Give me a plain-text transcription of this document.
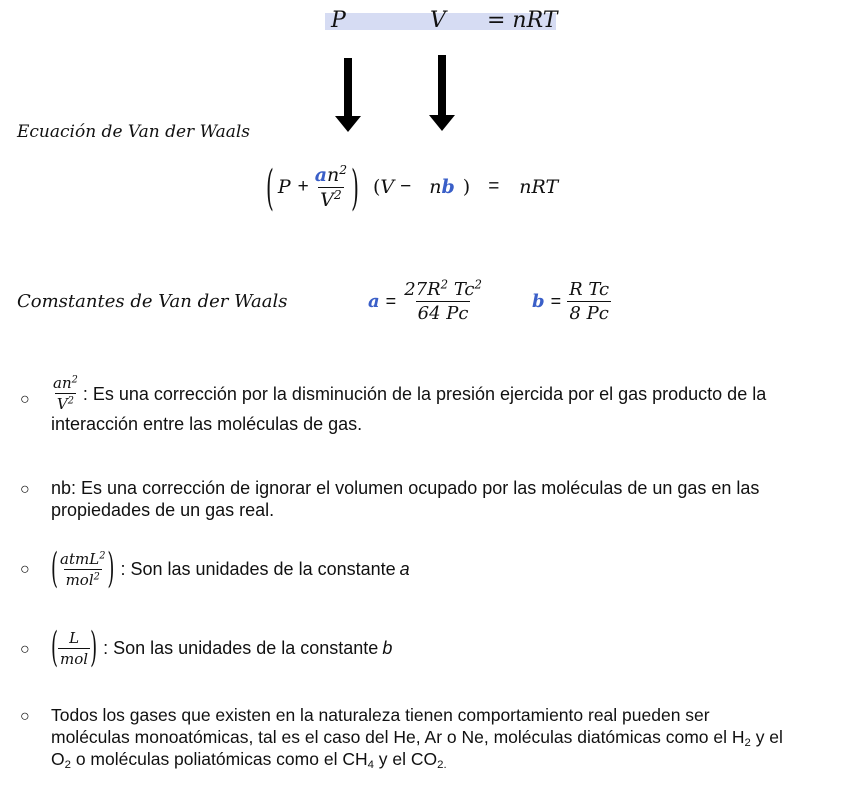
P	V = nRT
Ecuación de Van der Waals
( $P + \frac{an^2}{V^2}$ ) ( V − n b ) = nRT
Comstantes de Van der Waals	$a = \frac{27R^2 Tc^2}{64 Pc}$	$b = \frac{\text{R Tc}}{8 Pc}$
○ $\frac{an^2}{V^2}$ : Es una corrección por la disminución de la presión ejercida por el gas producto de la
interacción entre las moléculas de gas.
○ nb: Es una corrección de ignorar el volumen ocupado por las moléculas de un gas en las
propiedades de un gas real.
○ ( $\frac{atmL^2}{mol^2}$ ) : Son las unidades de la constante a
○ ( $\frac{L}{\text{mol}}$ ) : Son las unidades de la constante b
○ Todos los gases que existen en la naturaleza tienen comportamiento real pueden ser
moléculas monoatómicas, tal es el caso del He, Ar o Ne, moléculas diatómicas como el $H_2$ y el
$O_2$ o moléculas poliatómicas como el $CH_4$ y el $CO_{2.}$
